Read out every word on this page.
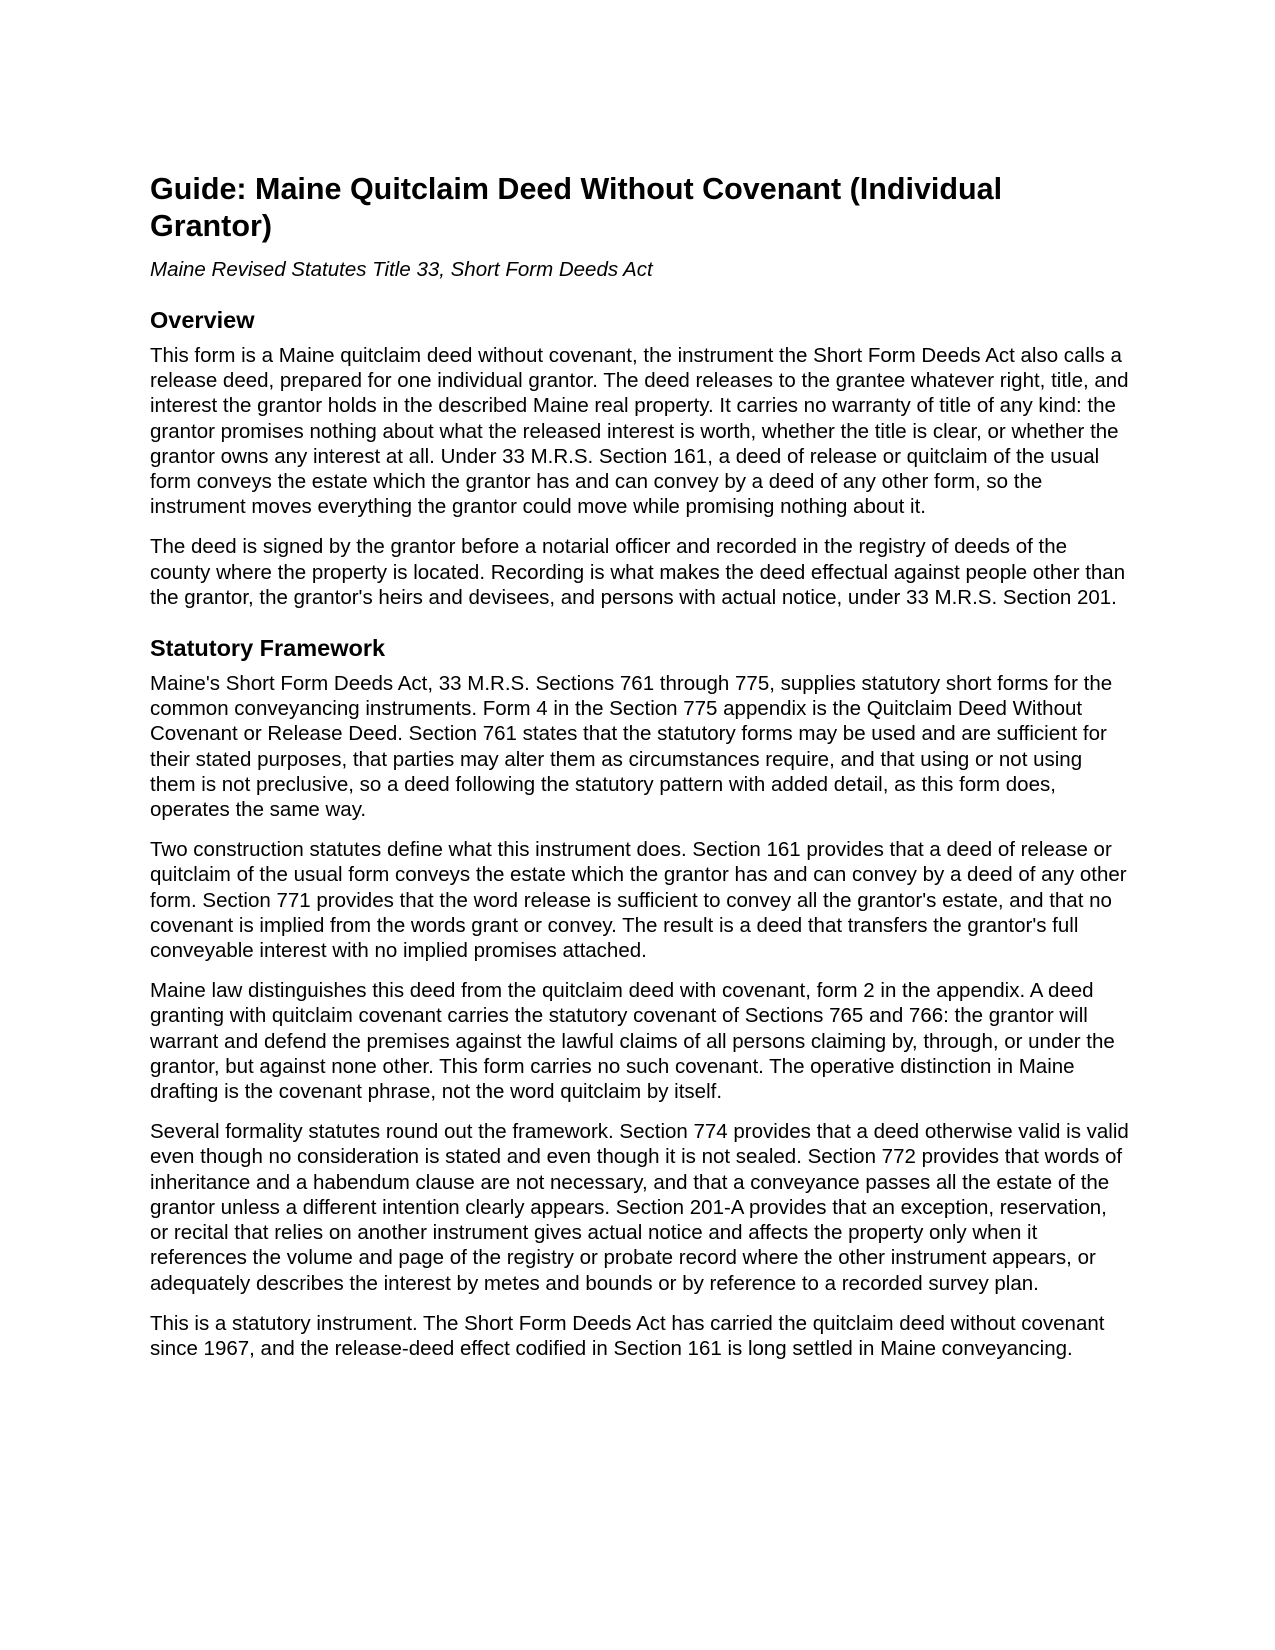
Guide: Maine Quitclaim Deed Without Covenant (Individual Grantor)

Maine Revised Statutes Title 33, Short Form Deeds Act

Overview

This form is a Maine quitclaim deed without covenant, the instrument the Short Form Deeds Act also calls a release deed, prepared for one individual grantor. The deed releases to the grantee whatever right, title, and interest the grantor holds in the described Maine real property. It carries no warranty of title of any kind: the grantor promises nothing about what the released interest is worth, whether the title is clear, or whether the grantor owns any interest at all. Under 33 M.R.S. Section 161, a deed of release or quitclaim of the usual form conveys the estate which the grantor has and can convey by a deed of any other form, so the instrument moves everything the grantor could move while promising nothing about it.

The deed is signed by the grantor before a notarial officer and recorded in the registry of deeds of the county where the property is located. Recording is what makes the deed effectual against people other than the grantor, the grantor's heirs and devisees, and persons with actual notice, under 33 M.R.S. Section 201.

Statutory Framework

Maine's Short Form Deeds Act, 33 M.R.S. Sections 761 through 775, supplies statutory short forms for the common conveyancing instruments. Form 4 in the Section 775 appendix is the Quitclaim Deed Without Covenant or Release Deed. Section 761 states that the statutory forms may be used and are sufficient for their stated purposes, that parties may alter them as circumstances require, and that using or not using them is not preclusive, so a deed following the statutory pattern with added detail, as this form does, operates the same way.

Two construction statutes define what this instrument does. Section 161 provides that a deed of release or quitclaim of the usual form conveys the estate which the grantor has and can convey by a deed of any other form. Section 771 provides that the word release is sufficient to convey all the grantor's estate, and that no covenant is implied from the words grant or convey. The result is a deed that transfers the grantor's full conveyable interest with no implied promises attached.

Maine law distinguishes this deed from the quitclaim deed with covenant, form 2 in the appendix. A deed granting with quitclaim covenant carries the statutory covenant of Sections 765 and 766: the grantor will warrant and defend the premises against the lawful claims of all persons claiming by, through, or under the grantor, but against none other. This form carries no such covenant. The operative distinction in Maine drafting is the covenant phrase, not the word quitclaim by itself.

Several formality statutes round out the framework. Section 774 provides that a deed otherwise valid is valid even though no consideration is stated and even though it is not sealed. Section 772 provides that words of inheritance and a habendum clause are not necessary, and that a conveyance passes all the estate of the grantor unless a different intention clearly appears. Section 201-A provides that an exception, reservation, or recital that relies on another instrument gives actual notice and affects the property only when it references the volume and page of the registry or probate record where the other instrument appears, or adequately describes the interest by metes and bounds or by reference to a recorded survey plan.

This is a statutory instrument. The Short Form Deeds Act has carried the quitclaim deed without covenant since 1967, and the release-deed effect codified in Section 161 is long settled in Maine conveyancing.
